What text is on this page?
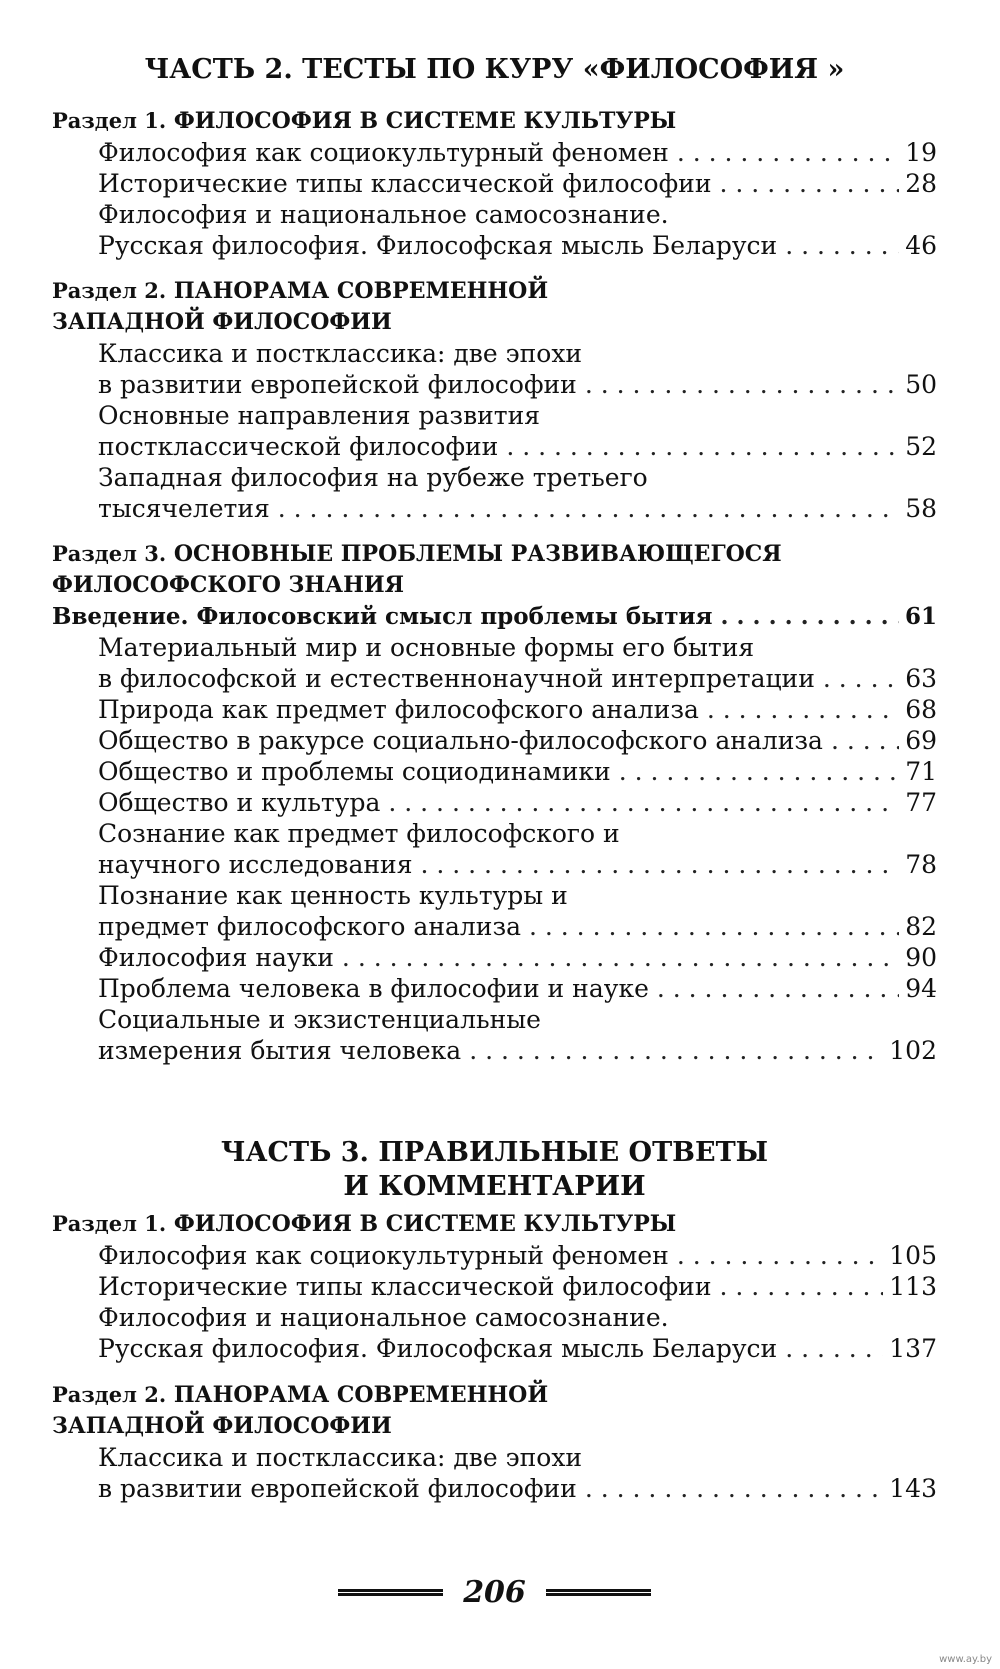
ЧАСТЬ 2. ТЕСТЫ ПО КУРУ «ФИЛОСОФИЯ »
Раздел 1. ФИЛОСОФИЯ В СИСТЕМЕ КУЛЬТУРЫ
Философия как социокультурный феномен . . .	19
Исторические типы классической философии . . .	28
Философия и национальное самосознание.
Русская философия. Философская мысль Беларуси . . .	46
Раздел 2. ПАНОРАМА СОВРЕМЕННОЙ
ЗАПАДНОЙ ФИЛОСОФИИ
Классика и постклассика: две эпохи
в развитии европейской философии . . .	50
Основные направления развития
постклассической философии . . .	52
Западная философия на рубеже третьего
тысячелетия . . .	58
Раздел 3. ОСНОВНЫЕ ПРОБЛЕМЫ РАЗВИВАЮЩЕГОСЯ
ФИЛОСОФСКОГО ЗНАНИЯ
Введение. Филосовский смысл проблемы бытия . . .	61
Материальный мир и основные формы его бытия
в философской и естественнонаучной интерпретации . . .	63
Природа как предмет философского анализа . . .	68
Общество в ракурсе социально-философского анализа . . .	69
Общество и проблемы социодинамики . . .	71
Общество и культура . . .	77
Сознание как предмет философского и
научного исследования . . .	78
Познание как ценность культуры и
предмет философского анализа . . .	82
Философия науки . . .	90
Проблема человека в философии и науке . . .	94
Социальные и экзистенциальные
измерения бытия человека . . .	102
ЧАСТЬ 3. ПРАВИЛЬНЫЕ ОТВЕТЫ
И КОММЕНТАРИИ
Раздел 1. ФИЛОСОФИЯ В СИСТЕМЕ КУЛЬТУРЫ
Философия как социокультурный феномен . . .	105
Исторические типы классической философии . . .	113
Философия и национальное самосознание.
Русская философия. Философская мысль Беларуси . . .	137
Раздел 2. ПАНОРАМА СОВРЕМЕННОЙ
ЗАПАДНОЙ ФИЛОСОФИИ
Классика и постклассика: две эпохи
в развитии европейской философии . . .	143
206
www.ay.by
